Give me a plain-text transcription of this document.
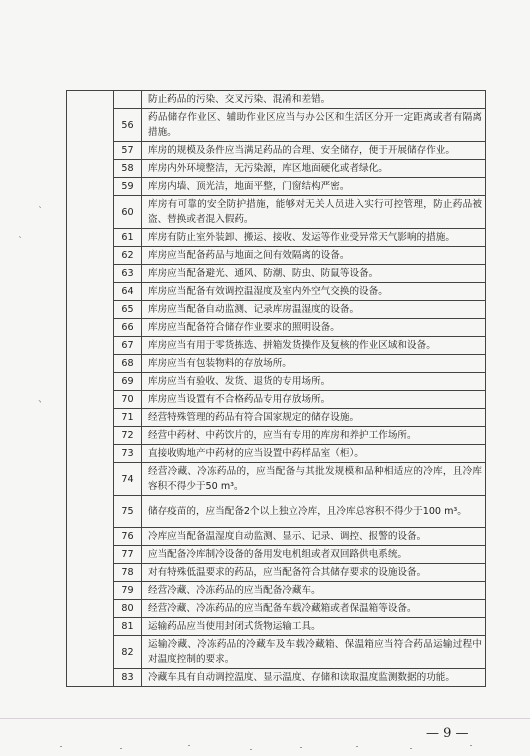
`
`
、
		防止药品的污染、交叉污染、混淆和差错。
	56	药品储存作业区、辅助作业区应当与办公区和生活区分开一定距离或者有隔离措施。
	57	库房的规模及条件应当满足药品的合理、安全储存，便于开展储存作业。
	58	库房内外环境整洁，无污染源，库区地面硬化或者绿化。
	59	库房内墙、顶光洁，地面平整，门窗结构严密。
	60	库房有可靠的安全防护措施，能够对无关人员进入实行可控管理，防止药品被盗、替换或者混入假药。
	61	库房有防止室外装卸、搬运、接收、发运等作业受异常天气影响的措施。
	62	库房应当配备药品与地面之间有效隔离的设备。
	63	库房应当配备避光、通风、防潮、防虫、防鼠等设备。
	64	库房应当配备有效调控温湿度及室内外空气交换的设备。
	65	库房应当配备自动监测、记录库房温湿度的设备。
	66	库房应当配备符合储存作业要求的照明设备。
	67	库房应当有用于零货拣选、拼箱发货操作及复核的作业区域和设备。
	68	库房应当有包装物料的存放场所。
	69	库房应当有验收、发货、退货的专用场所。
	70	库房应当设置有不合格药品专用存放场所。
	71	经营特殊管理的药品有符合国家规定的储存设施。
	72	经营中药材、中药饮片的，应当有专用的库房和养护工作场所。
	73	直接收购地产中药材的应当设置中药样品室（柜）。
	74	经营冷藏、冷冻药品的，应当配备与其批发规模和品种相适应的冷库，且冷库容积不得少于50 m³。
	75	储存疫苗的，应当配备2个以上独立冷库，且冷库总容积不得少于100 m³。
	76	冷库应当配备温湿度自动监测、显示、记录、调控、报警的设备。
	77	应当配备冷库制冷设备的备用发电机组或者双回路供电系统。
	78	对有特殊低温要求的药品，应当配备符合其储存要求的设施设备。
	79	经营冷藏、冷冻药品的应当配备冷藏车。
	80	经营冷藏、冷冻药品的应当配备车载冷藏箱或者保温箱等设备。
	81	运输药品应当使用封闭式货物运输工具。
	82	运输冷藏、冷冻药品的冷藏车及车载冷藏箱、保温箱应当符合药品运输过程中对温度控制的要求。
	83	冷藏车具有自动调控温度、显示温度、存储和读取温度监测数据的功能。
— 9 —
